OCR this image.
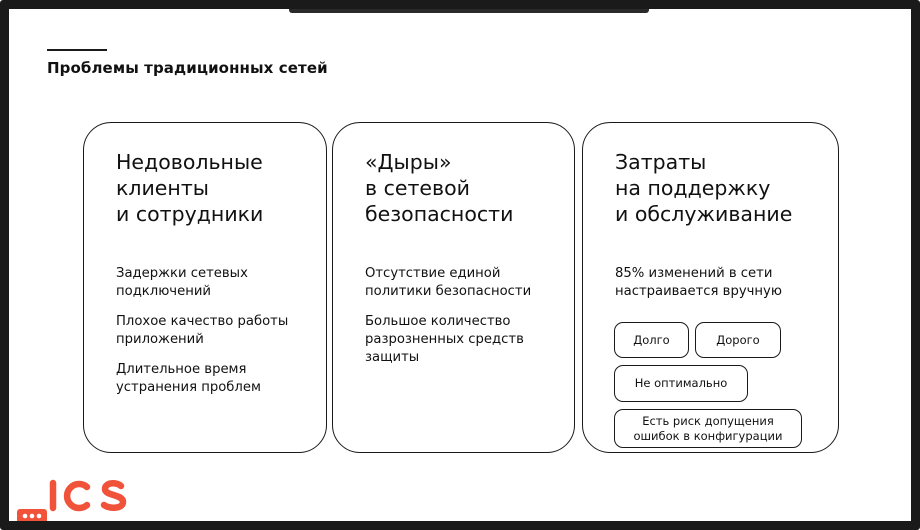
Проблемы традиционных сетей
Недовольные
клиенты
и сотрудники
Задержки сетевых
подключений
Плохое качество работы
приложений
Длительное время
устранения проблем
«Дыры»
в сетевой
безопасности
Отсутствие единой
политики безопасности
Большое количество
разрозненных средств
защиты
Затраты
на поддержку
и обслуживание

85% изменений в сети
настраивается вручную

Долго	Дорого
Не оптимально
Есть риск допущения
ошибок в конфигурации
